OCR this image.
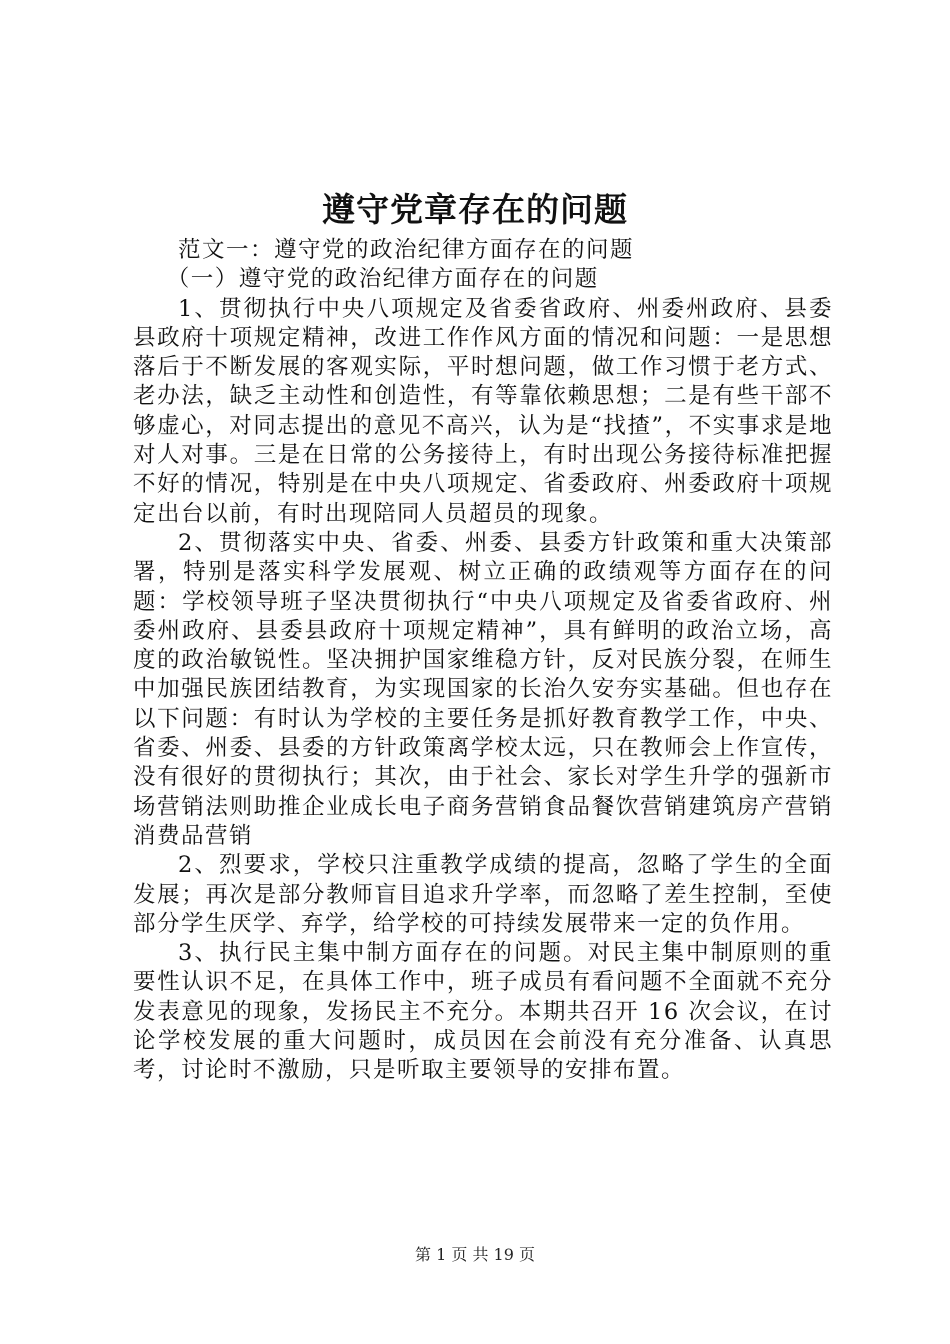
遵守党章存在的问题

范文一：遵守党的政治纪律方面存在的问题

（一）遵守党的政治纪律方面存在的问题

1、贯彻执行中央八项规定及省委省政府、州委州政府、县委县政府十项规定精神，改进工作作风方面的情况和问题：一是思想落后于不断发展的客观实际，平时想问题，做工作习惯于老方式、老办法，缺乏主动性和创造性，有等靠依赖思想；二是有些干部不够虚心，对同志提出的意见不高兴，认为是“找揸”，不实事求是地对人对事。三是在日常的公务接待上，有时出现公务接待标准把握不好的情况，特别是在中央八项规定、省委政府、州委政府十项规定出台以前，有时出现陪同人员超员的现象。

2、贯彻落实中央、省委、州委、县委方针政策和重大决策部署，特别是落实科学发展观、树立正确的政绩观等方面存在的问题：学校领导班子坚决贯彻执行“中央八项规定及省委省政府、州委州政府、县委县政府十项规定精神”，具有鲜明的政治立场，高度的政治敏锐性。坚决拥护国家维稳方针，反对民族分裂，在师生中加强民族团结教育，为实现国家的长治久安夯实基础。但也存在以下问题：有时认为学校的主要任务是抓好教育教学工作，中央、省委、州委、县委的方针政策离学校太远，只在教师会上作宣传，没有很好的贯彻执行；其次，由于社会、家长对学生升学的强新市场营销法则助推企业成长电子商务营销食品餐饮营销建筑房产营销消费品营销

2、烈要求，学校只注重教学成绩的提高，忽略了学生的全面发展；再次是部分教师盲目追求升学率，而忽略了差生控制，至使部分学生厌学、弃学，给学校的可持续发展带来一定的负作用。

3、执行民主集中制方面存在的问题。对民主集中制原则的重要性认识不足，在具体工作中，班子成员有看问题不全面就不充分发表意见的现象，发扬民主不充分。本期共召开 16 次会议，在讨论学校发展的重大问题时，成员因在会前没有充分准备、认真思考，讨论时不激励，只是听取主要领导的安排布置。

第 1 页 共 19 页
